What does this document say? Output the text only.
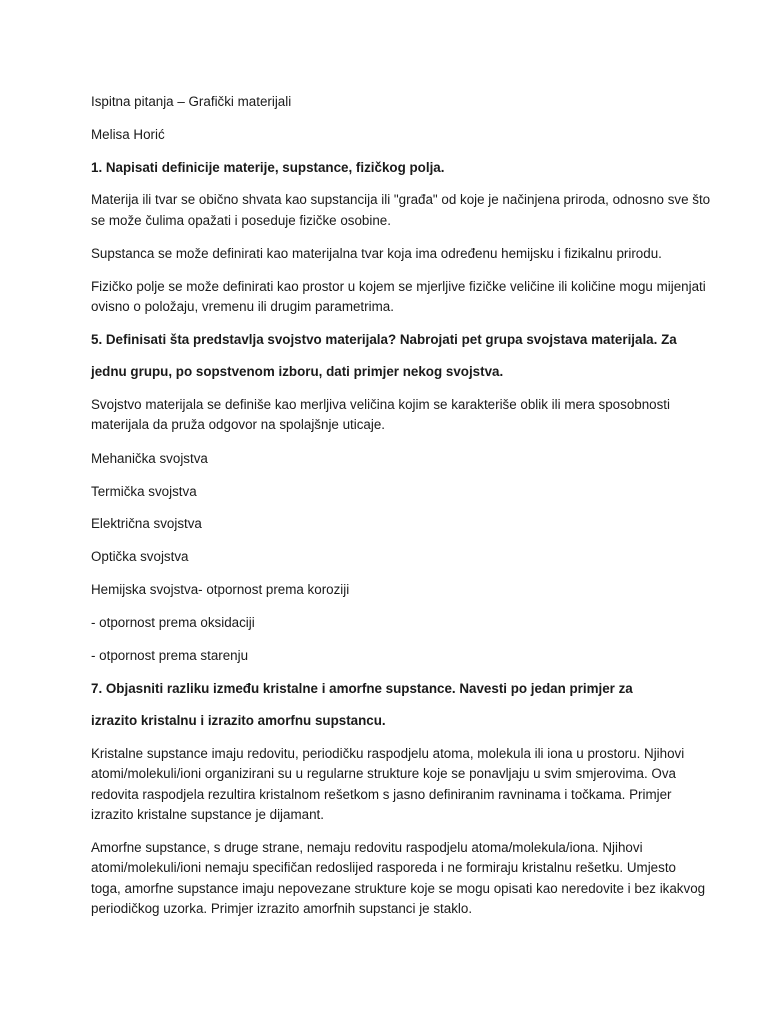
Ispitna pitanja – Grafički materijali

Melisa Horić

1. Napisati definicije materije, supstance, fizičkog polja.

Materija ili tvar se obično shvata kao supstancija ili "građa" od koje je načinjena priroda, odnosno sve što

se može čulima opažati i poseduje fizičke osobine.

Supstanca se može definirati kao materijalna tvar koja ima određenu hemijsku i fizikalnu prirodu.

Fizičko polje se može definirati kao prostor u kojem se mjerljive fizičke veličine ili količine mogu mijenjati

ovisno o položaju, vremenu ili drugim parametrima.

5. Definisati šta predstavlja svojstvo materijala? Nabrojati pet grupa svojstava materijala. Za

jednu grupu, po sopstvenom izboru, dati primjer nekog svojstva.

Svojstvo materijala se definiše kao merljiva veličina kojim se karakteriše oblik ili mera sposobnosti

materijala da pruža odgovor na spolajšnje uticaje.

Mehanička svojstva

Termička svojstva

Električna svojstva

Optička svojstva

Hemijska svojstva- otpornost prema koroziji

- otpornost prema oksidaciji

- otpornost prema starenju

7. Objasniti razliku između kristalne i amorfne supstance. Navesti po jedan primjer za

izrazito kristalnu i izrazito amorfnu supstancu.

Kristalne supstance imaju redovitu, periodičku raspodjelu atoma, molekula ili iona u prostoru. Njihovi

atomi/molekuli/ioni organizirani su u regularne strukture koje se ponavljaju u svim smjerovima. Ova

redovita raspodjela rezultira kristalnom rešetkom s jasno definiranim ravninama i točkama. Primjer

izrazito kristalne supstance je dijamant.

Amorfne supstance, s druge strane, nemaju redovitu raspodjelu atoma/molekula/iona. Njihovi

atomi/molekuli/ioni nemaju specifičan redoslijed rasporeda i ne formiraju kristalnu rešetku. Umjesto

toga, amorfne supstance imaju nepovezane strukture koje se mogu opisati kao neredovite i bez ikakvog

periodičkog uzorka. Primjer izrazito amorfnih supstanci je staklo.
